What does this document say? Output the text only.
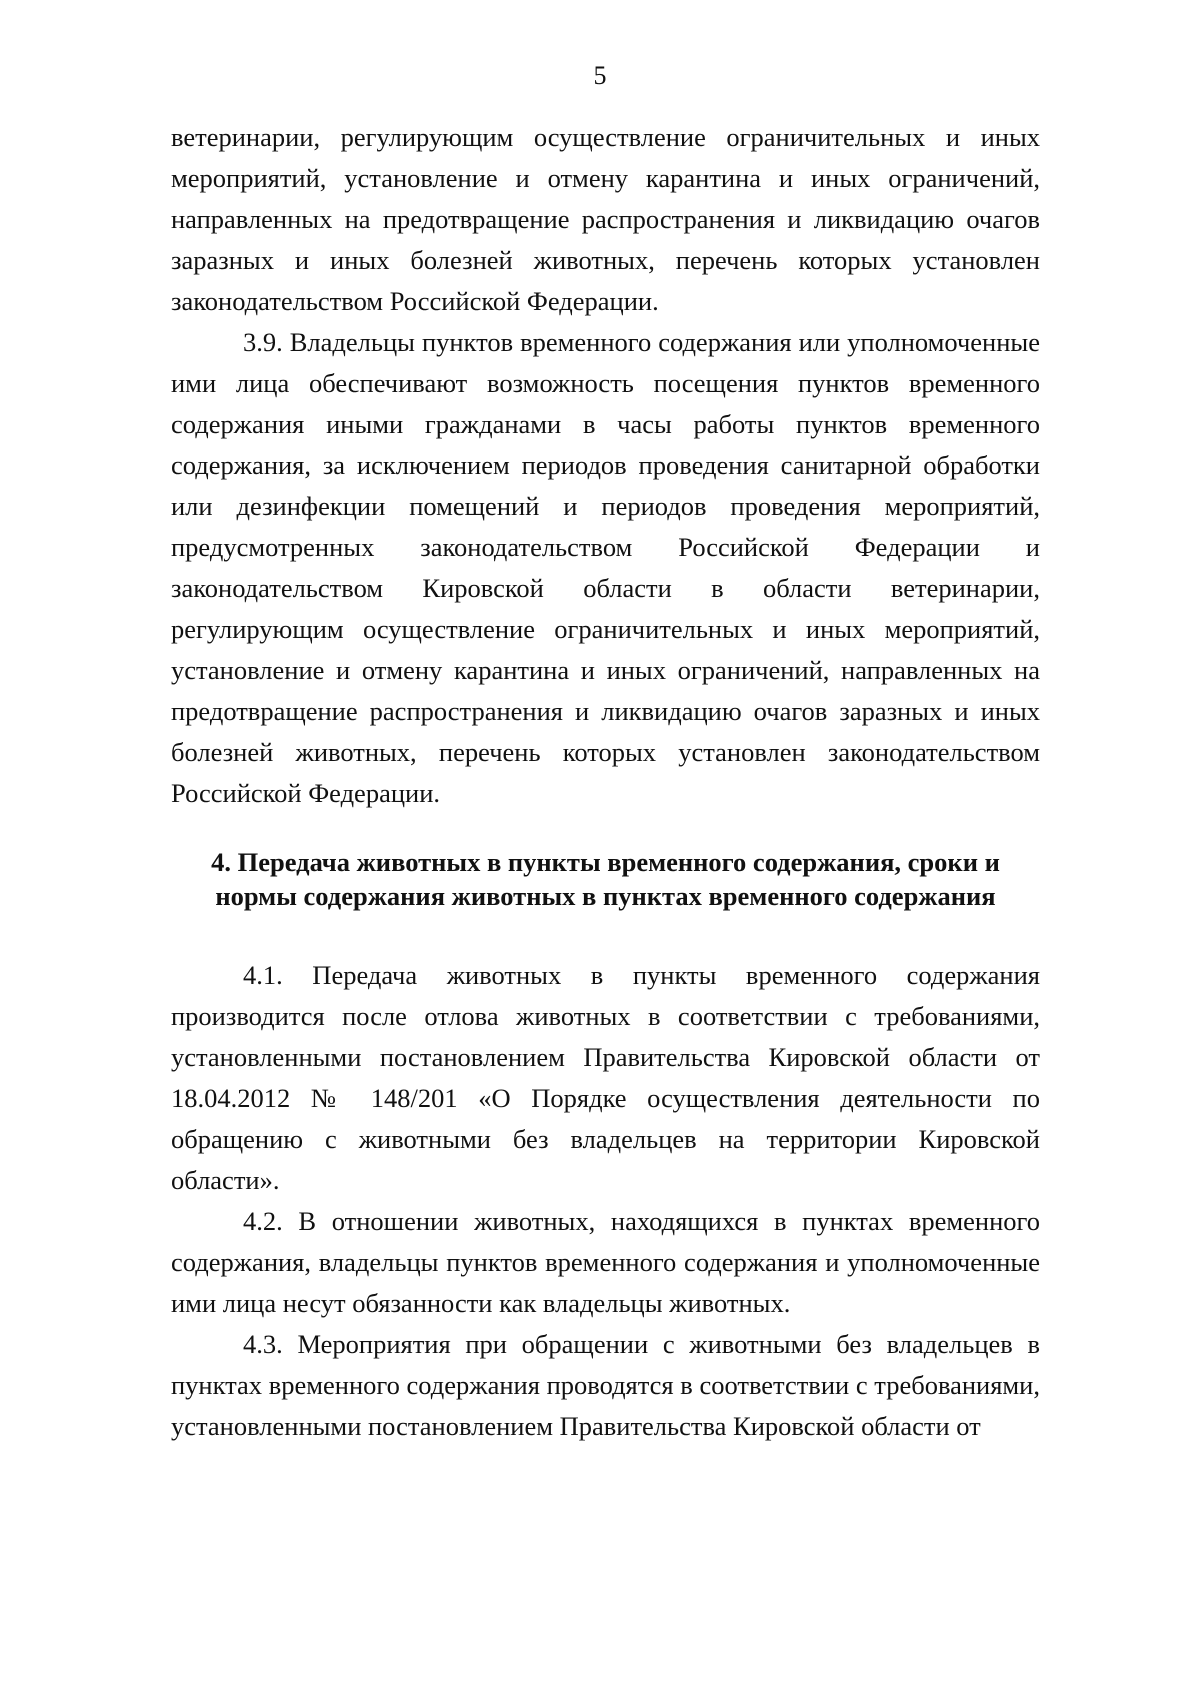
5

ветеринарии, регулирующим осуществление ограничительных и иных мероприятий, установление и отмену карантина и иных ограничений, направленных на предотвращение распространения и ликвидацию очагов заразных и иных болезней животных, перечень которых установлен законодательством Российской Федерации.

3.9. Владельцы пунктов временного содержания или уполномоченные ими лица обеспечивают возможность посещения пунктов временного содержания иными гражданами в часы работы пунктов временного содержания, за исключением периодов проведения санитарной обработки или дезинфекции помещений и периодов проведения мероприятий, предусмотренных законодательством Российской Федерации и законодательством Кировской области в области ветеринарии, регулирующим осуществление ограничительных и иных мероприятий, установление и отмену карантина и иных ограничений, направленных на предотвращение распространения и ликвидацию очагов заразных и иных болезней животных, перечень которых установлен законодательством Российской Федерации.

4. Передача животных в пункты временного содержания, сроки и
нормы содержания животных в пунктах временного содержания

4.1. Передача животных в пункты временного содержания производится после отлова животных в соответствии с требованиями, установленными постановлением Правительства Кировской области от 18.04.2012 № 148/201 «О Порядке осуществления деятельности по обращению с животными без владельцев на территории Кировской области».

4.2. В отношении животных, находящихся в пунктах временного содержания, владельцы пунктов временного содержания и уполномоченные ими лица несут обязанности как владельцы животных.

4.3. Мероприятия при обращении с животными без владельцев в пунктах временного содержания проводятся в соответствии с требованиями, установленными постановлением Правительства Кировской области от
